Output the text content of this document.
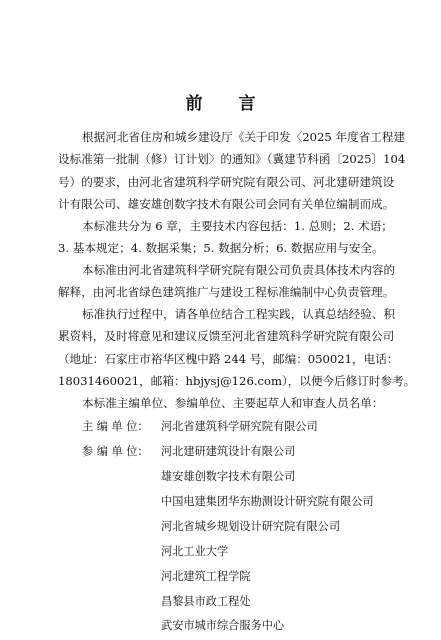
前 言
根据河北省住房和城乡建设厅《关于印发〈2025 年度省工程建
设标准第一批制（修）订计划〉的通知》（冀建节科函〔2025〕104
号）的要求，由河北省建筑科学研究院有限公司、河北建研建筑设
计有限公司、雄安雄创数字技术有限公司会同有关单位编制而成。
本标准共分为 6 章，主要技术内容包括：1. 总则；2. 术语；
3. 基本规定；4. 数据采集；5. 数据分析；6. 数据应用与安全。
本标准由河北省建筑科学研究院有限公司负责具体技术内容的
解释，由河北省绿色建筑推广与建设工程标准编制中心负责管理。
标准执行过程中，请各单位结合工程实践，认真总结经验、积
累资料，及时将意见和建议反馈至河北省建筑科学研究院有限公司
（地址：石家庄市裕华区槐中路 244 号，邮编：050021，电话：
18031460021，邮箱：hbjysj@126.com），以便今后修订时参考。
本标准主编单位、参编单位、主要起草人和审查人员名单：
主 编 单 位： 河北省建筑科学研究院有限公司
参 编 单 位： 河北建研建筑设计有限公司
雄安雄创数字技术有限公司
中国电建集团华东勘测设计研究院有限公司
河北省城乡规划设计研究院有限公司
河北工业大学
河北建筑工程学院
昌黎县市政工程处
武安市城市综合服务中心
